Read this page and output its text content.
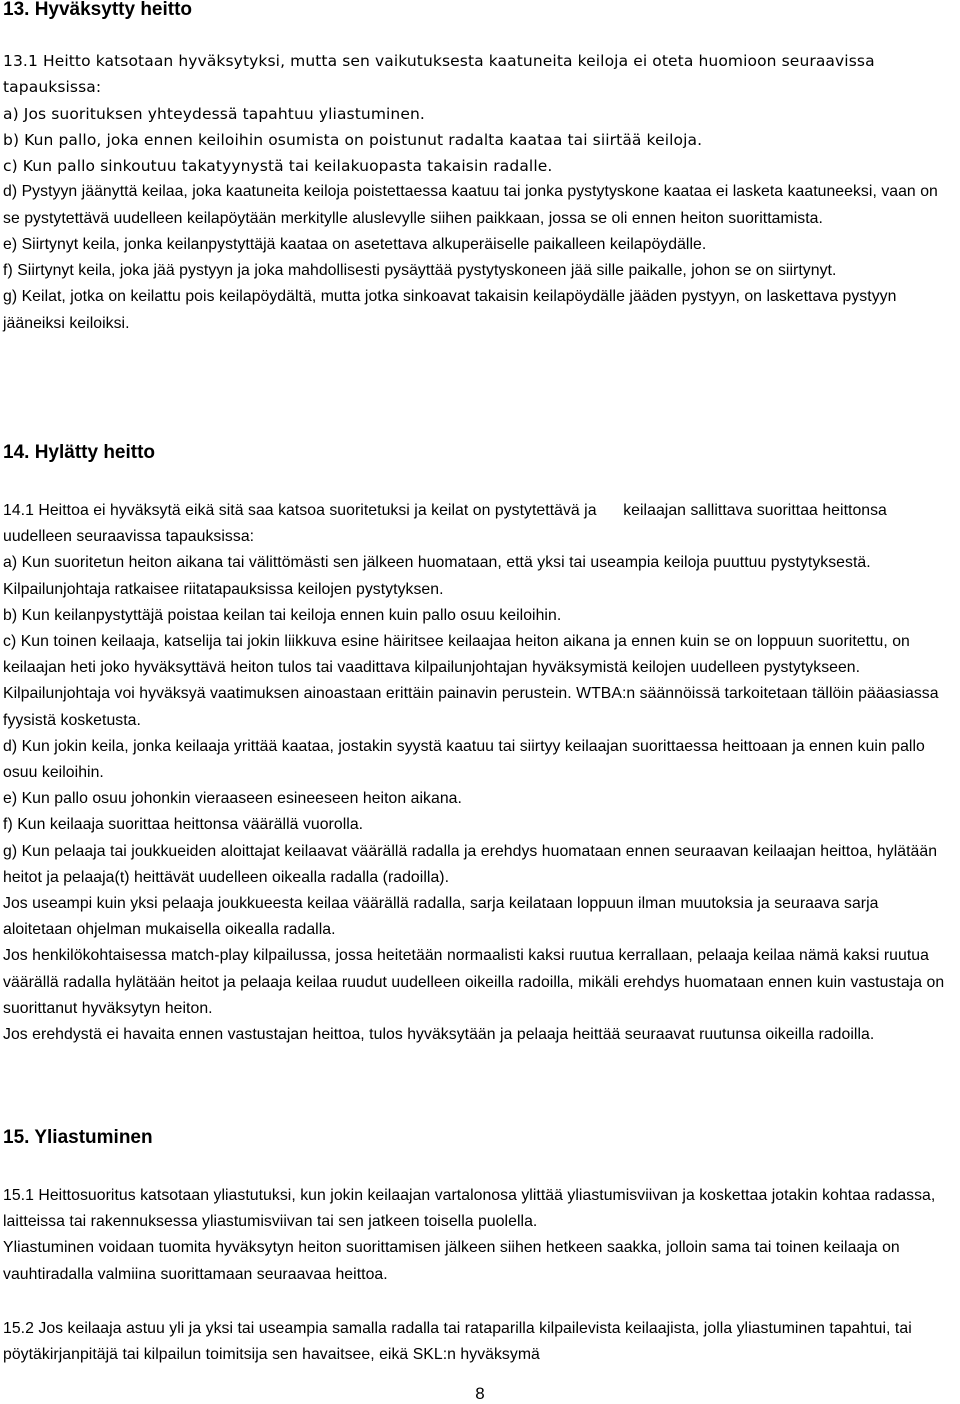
13. Hyväksytty heitto

13.1 Heitto katsotaan hyväksytyksi, mutta sen vaikutuksesta kaatuneita keiloja ei oteta huomioon seuraavissa tapauksissa:

a) Jos suorituksen yhteydessä tapahtuu yliastuminen.

b) Kun pallo, joka ennen keiloihin osumista on poistunut radalta kaataa tai siirtää keiloja.

c) Kun pallo sinkoutuu takatyynystä tai keilakuopasta takaisin radalle.

d) Pystyyn jäänyttä keilaa, joka kaatuneita keiloja poistettaessa kaatuu tai jonka pystytyskone kaataa ei lasketa kaatuneeksi, vaan on se pystytettävä uudelleen keilapöytään merkitylle aluslevylle siihen paikkaan, jossa se oli ennen heiton suorittamista.

e) Siirtynyt keila, jonka keilanpystyttäjä kaataa on asetettava alkuperäiselle paikalleen keilapöydälle.

f) Siirtynyt keila, joka jää pystyyn ja joka mahdollisesti pysäyttää pystytyskoneen jää sille paikalle, johon se on siirtynyt.

g) Keilat, jotka on keilattu pois keilapöydältä, mutta jotka sinkoavat takaisin keilapöydälle jääden pystyyn, on laskettava pystyyn jääneiksi keiloiksi.

14. Hylätty heitto

14.1 Heittoa ei hyväksytä eikä sitä saa katsoa suoritetuksi ja keilat on pystytettävä ja      keilaajan sallittava suorittaa heittonsa uudelleen seuraavissa tapauksissa:

a) Kun suoritetun heiton aikana tai välittömästi sen jälkeen huomataan, että yksi tai useampia keiloja puuttuu pystytyksestä. Kilpailunjohtaja ratkaisee riitatapauksissa keilojen pystytyksen.

b) Kun keilanpystyttäjä poistaa keilan tai keiloja ennen kuin pallo osuu keiloihin.

c) Kun toinen keilaaja, katselija tai jokin liikkuva esine häiritsee keilaajaa heiton aikana ja ennen kuin se on loppuun suoritettu, on keilaajan heti joko hyväksyttävä heiton tulos tai vaadittava kilpailunjohtajan hyväksymistä keilojen uudelleen pystytykseen. Kilpailunjohtaja voi hyväksyä vaatimuksen ainoastaan erittäin painavin perustein. WTBA:n säännöissä tarkoitetaan tällöin pääasiassa fyysistä kosketusta.

d) Kun jokin keila, jonka keilaaja yrittää kaataa, jostakin syystä kaatuu tai siirtyy keilaajan suorittaessa heittoaan ja ennen kuin pallo osuu keiloihin.

e) Kun pallo osuu johonkin vieraaseen esineeseen heiton aikana.

f) Kun keilaaja suorittaa heittonsa väärällä vuorolla.

g) Kun pelaaja tai joukkueiden aloittajat keilaavat väärällä radalla ja erehdys huomataan ennen seuraavan keilaajan heittoa, hylätään heitot ja pelaaja(t) heittävät uudelleen oikealla radalla (radoilla).

Jos useampi kuin yksi pelaaja joukkueesta keilaa väärällä radalla, sarja keilataan loppuun ilman muutoksia ja seuraava sarja aloitetaan ohjelman mukaisella oikealla radalla.

Jos henkilökohtaisessa match-play kilpailussa, jossa heitetään normaalisti kaksi ruutua kerrallaan, pelaaja keilaa nämä kaksi ruutua väärällä radalla hylätään heitot ja pelaaja keilaa ruudut uudelleen oikeilla radoilla, mikäli erehdys huomataan ennen kuin vastustaja on suorittanut hyväksytyn heiton.

Jos erehdystä ei havaita ennen vastustajan heittoa, tulos hyväksytään ja pelaaja heittää seuraavat ruutunsa oikeilla radoilla.

15. Yliastuminen

15.1 Heittosuoritus katsotaan yliastutuksi, kun jokin keilaajan vartalonosa ylittää yliastumisviivan ja koskettaa jotakin kohtaa radassa, laitteissa tai rakennuksessa yliastumisviivan tai sen jatkeen toisella puolella.

Yliastuminen voidaan tuomita hyväksytyn heiton suorittamisen jälkeen siihen hetkeen saakka, jolloin sama tai toinen keilaaja on vauhtiradalla valmiina suorittamaan seuraavaa heittoa.

15.2 Jos keilaaja astuu yli ja yksi tai useampia samalla radalla tai rataparilla kilpailevista keilaajista, jolla yliastuminen tapahtui, tai pöytäkirjanpitäjä tai kilpailun toimitsija sen havaitsee, eikä SKL:n hyväksymä

8
